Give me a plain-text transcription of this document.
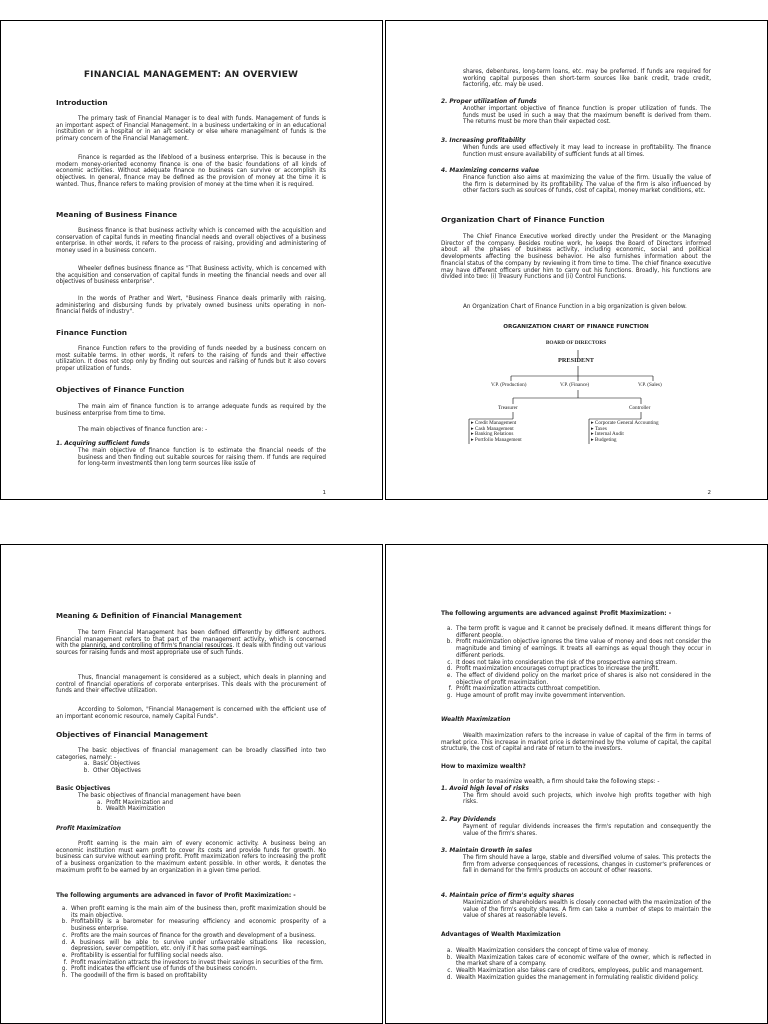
FINANCIAL MANAGEMENT: AN OVERVIEW
Introduction

The primary task of Financial Manager is to deal with funds. Management of funds is an important aspect of Financial Management. In a business undertaking or in an educational institution or in a hospital or in an art society or else where management of funds is the primary concern of the Financial Management.

Finance is regarded as the lifeblood of a business enterprise. This is because in the modern money-oriented economy finance is one of the basic foundations of all kinds of economic activities. Without adequate finance no business can survive or accomplish its objectives. In general, finance may be defined as the provision of money at the time it is wanted. Thus, finance refers to making provision of money at the time when it is required.

Meaning of Business Finance

Business finance is that business activity which is concerned with the acquisition and conservation of capital funds in meeting financial needs and overall objectives of a business enterprise. In other words, it refers to the process of raising, providing and administering of money used in a business concern.

Wheeler defines business finance as "That Business activity, which is concerned with the acquisition and conservation of capital funds in meeting the financial needs and over all objectives of business enterprise".

In the words of Prather and Wert, "Business Finance deals primarily with raising, administering and disbursing funds by privately owned business units operating in non-financial fields of industry".

Finance Function

Finance Function refers to the providing of funds needed by a business concern on most suitable terms. In other words, it refers to the raising of funds and their effective utilization. It does not stop only by finding out sources and raising of funds but it also covers proper utilization of funds.

Objectives of Finance Function

The main aim of finance function is to arrange adequate funds as required by the business enterprise from time to time.

The main objectives of finance function are: -

1. Acquiring sufficient funds

The main objective of finance function is to estimate the financial needs of the business and then finding out suitable sources for raising them. If funds are required for long-term investments then long term sources like issue of

1

shares, debentures, long-term loans, etc. may be preferred. If funds are required for working capital purposes then short-term sources like bank credit, trade credit, factoring, etc. may be used.

2. Proper utilization of funds

Another important objective of finance function is proper utilization of funds. The funds must be used in such a way that the maximum benefit is derived from them. The returns must be more than their expected cost.

3. Increasing profitability

When funds are used effectively it may lead to increase in profitability. The finance function must ensure availability of sufficient funds at all times.

4. Maximizing concerns value

Finance function also aims at maximizing the value of the firm. Usually the value of the firm is determined by its profitability. The value of the firm is also influenced by other factors such as sources of funds, cost of capital, money market conditions, etc.

Organization Chart of Finance Function

The Chief Finance Executive worked directly under the President or the Managing Director of the company. Besides routine work, he keeps the Board of Directors informed about all the phases of business activity, including economic, social and political developments affecting the business behavior. He also furnishes information about the financial status of the company by reviewing it from time to time. The chief finance executive may have different officers under him to carry out his functions. Broadly, his functions are divided into two: (i) Treasury Functions and (ii) Control Functions.

An Organization Chart of Finance Function in a big organization is given below.

ORGANIZATION CHART OF FINANCE FUNCTION
BOARD OF DIRECTORS
PRESIDENT
V.P. (Production)	V.P. (Finance)	V.P. (Sales)
Treasurer	Controller
▸ Credit Management
▸ Cash Management
▸ Banking Relations
▸ Portfolio Management
▸ Corporate General Accounting
▸ Taxes
▸ Internal Audit
▸ Budgeting
2
Meaning & Definition of Financial Management

The term Financial Management has been defined differently by different authors. Financial management refers to that part of the management activity, which is concerned with the planning, and controlling of firm's financial resources. It deals with finding out various sources for raising funds and most appropriate use of such funds.

Thus, financial management is considered as a subject, which deals in planning and control of financial operations of corporate enterprises. This deals with the procurement of funds and their effective utilization.

According to Solomon, "Financial Management is concerned with the efficient use of an important economic resource, namely Capital Funds".

Objectives of Financial Management

The basic objectives of financial management can be broadly classified into two categories, namely: -

a. Basic Objectives
b. Other Objectives
Basic Objectives

The basic objectives of financial management have been

a. Profit Maximization and
b. Wealth Maximization
Profit Maximization

Profit earning is the main aim of every economic activity. A business being an economic institution must earn profit to cover its costs and provide funds for growth. No business can survive without earning profit. Profit maximization refers to increasing the profit of a business organization to the maximum extent possible. In other words, it denotes the maximum profit to be earned by an organization in a given time period.

The following arguments are advanced in favor of Profit Maximization: -
a. When profit earning is the main aim of the business then, profit maximization should be its main objective.
b. Profitability is a barometer for measuring efficiency and economic prosperity of a business enterprise.
c. Profits are the main sources of finance for the growth and development of a business.
d. A business will be able to survive under unfavorable situations like recession, depression, sever competition, etc. only if it has some past earnings.
e. Profitability is essential for fulfilling social needs also.
f. Profit maximization attracts the investors to invest their savings in securities of the firm.
g. Profit indicates the efficient use of funds of the business concern.
h. The goodwill of the firm is based on profitability
The following arguments are advanced against Profit Maximization: -
a. The term profit is vague and it cannot be precisely defined. It means different things for different people.
b. Profit maximization objective ignores the time value of money and does not consider the magnitude and timing of earnings. It treats all earnings as equal though they occur in different periods.
c. It does not take into consideration the risk of the prospective earning stream.
d. Profit maximization encourages corrupt practices to increase the profit.
e. The effect of dividend policy on the market price of shares is also not considered in the objective of profit maximization.
f. Profit maximization attracts cutthroat competition.
g. Huge amount of profit may invite government intervention.
Wealth Maximization

Wealth maximization refers to the increase in value of capital of the firm in terms of market price. This increase in market price is determined by the volume of capital, the capital structure, the cost of capital and rate of return to the investors.

How to maximize wealth?

In order to maximize wealth, a firm should take the following steps: -

1. Avoid high level of risks

The firm should avoid such projects, which involve high profits together with high risks.

2. Pay Dividends

Payment of regular dividends increases the firm's reputation and consequently the value of the firm's shares.

3. Maintain Growth in sales

The firm should have a large, stable and diversified volume of sales. This protects the firm from adverse consequences of recessions, changes in customer's preferences or fall in demand for the firm's products on account of other reasons.

4. Maintain price of firm's equity shares

Maximization of shareholders wealth is closely connected with the maximization of the value of the firm's equity shares. A firm can take a number of steps to maintain the value of shares at reasonable levels.

Advantages of Wealth Maximization
a. Wealth Maximization considers the concept of time value of money.
b. Wealth Maximization takes care of economic welfare of the owner, which is reflected in the market share of a company.
c. Wealth Maximization also takes care of creditors, employees, public and management.
d. Wealth Maximization guides the management in formulating realistic dividend policy.
